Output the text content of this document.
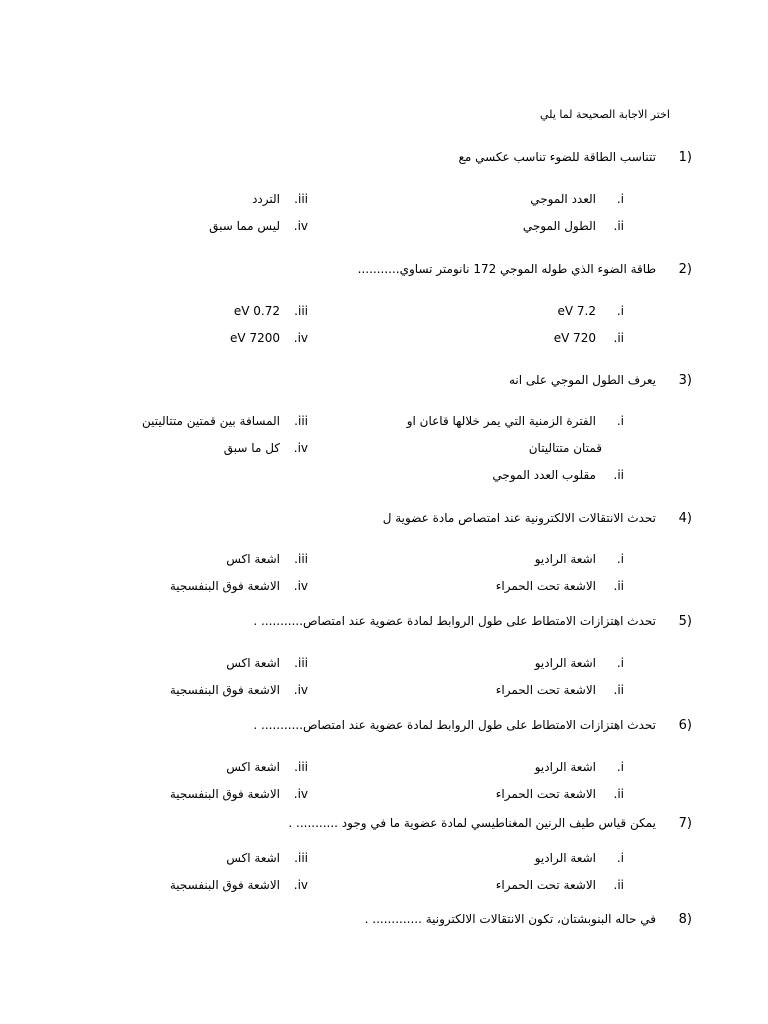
اختر الاجابة الصحيحة لما يلي
(1
تتناسب الطاقة للضوء تناسب عكسي مع
i.
العدد الموجي
iii.
التردد
ii.
الطول الموجي
iv.
ليس مما سبق
(2
طاقة الضوء الذي طوله الموجي 172 نانومتر تساوي...........
i.
eV 7.2
iii.
eV 0.72
ii.
eV 720
iv.
eV 7200
(3
يعرف الطول الموجي على انه
i.
الفترة الزمنية التي يمر خلالها قاعان او
قمتان متتاليتان
iii.
المسافة بين قمتين متتاليتين
iv.
كل ما سبق
ii.
مقلوب العدد الموجي
(4
تحدث الانتقالات الالكترونية عند امتصاص مادة عضوية ل
i.
اشعة الراديو
iii.
اشعة اكس
ii.
الاشعة تحت الحمراء
iv.
الاشعة فوق البنفسجية
(5
تحدث اهتزازات الامتطاط على طول الروابط لمادة عضوية عند امتصاص........... .
i.
اشعة الراديو
iii.
اشعة اكس
ii.
الاشعة تحت الحمراء
iv.
الاشعة فوق البنفسجية
(6
تحدث اهتزازات الامتطاط على طول الروابط لمادة عضوية عند امتصاص........... .
i.
اشعة الراديو
iii.
اشعة اكس
ii.
الاشعة تحت الحمراء
iv.
الاشعة فوق البنفسجية
(7
يمكن قياس طيف الرنين المغناطيسي لمادة عضوية ما في وجود ........... .
i.
اشعة الراديو
iii.
اشعة اكس
ii.
الاشعة تحت الحمراء
iv.
الاشعة فوق البنفسجية
(8
في حاله البنوبشتان، تكون الانتقالات الالكترونية ............. .
